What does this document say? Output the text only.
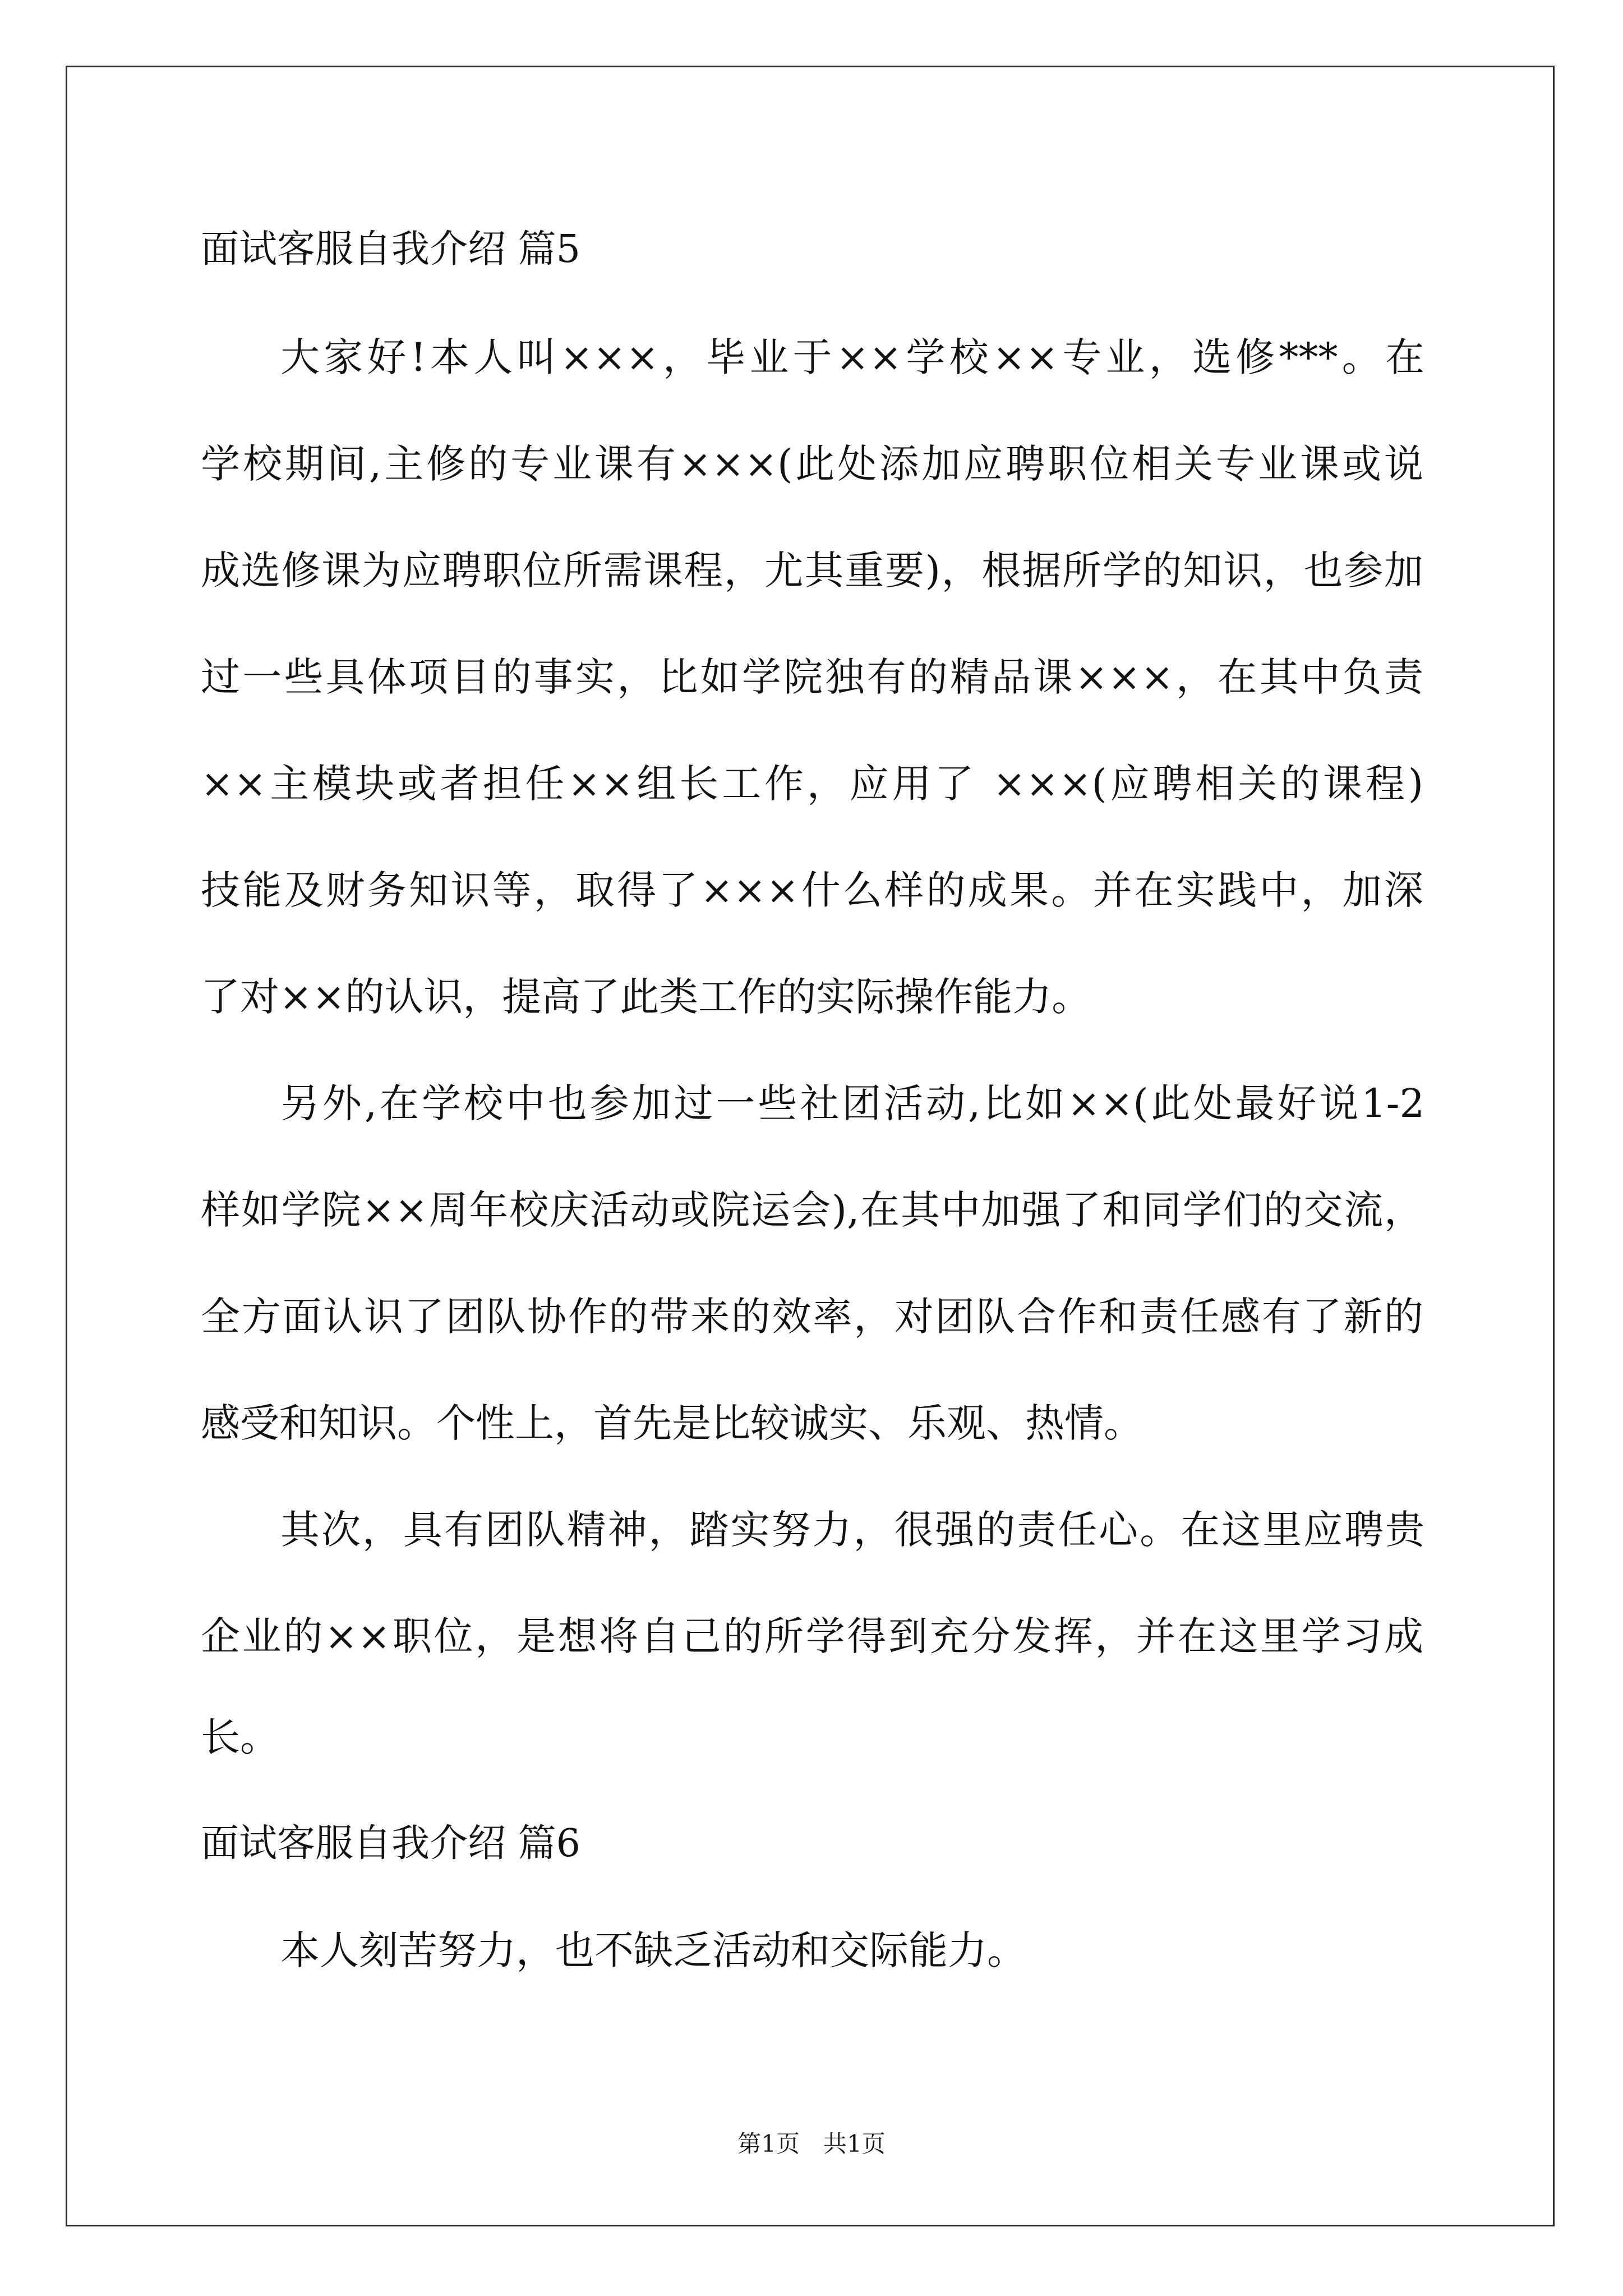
面试客服自我介绍 篇5
大家好!本人叫×××，毕业于××学校××专业，选修***。在
学校期间,主修的专业课有×××(此处添加应聘职位相关专业课或说
成选修课为应聘职位所需课程，尤其重要)，根据所学的知识，也参加
过一些具体项目的事实，比如学院独有的精品课×××，在其中负责
××主模块或者担任××组长工作，应用了 ×××(应聘相关的课程)
技能及财务知识等，取得了×××什么样的成果。并在实践中，加深
了对××的认识，提高了此类工作的实际操作能力。
另外,在学校中也参加过一些社团活动,比如××(此处最好说1-2
样如学院××周年校庆活动或院运会),在其中加强了和同学们的交流，
全方面认识了团队协作的带来的效率，对团队合作和责任感有了新的
感受和知识。个性上，首先是比较诚实、乐观、热情。
其次，具有团队精神，踏实努力，很强的责任心。在这里应聘贵
企业的××职位，是想将自己的所学得到充分发挥，并在这里学习成
长。
面试客服自我介绍 篇6
本人刻苦努力，也不缺乏活动和交际能力。
第1页　共1页
